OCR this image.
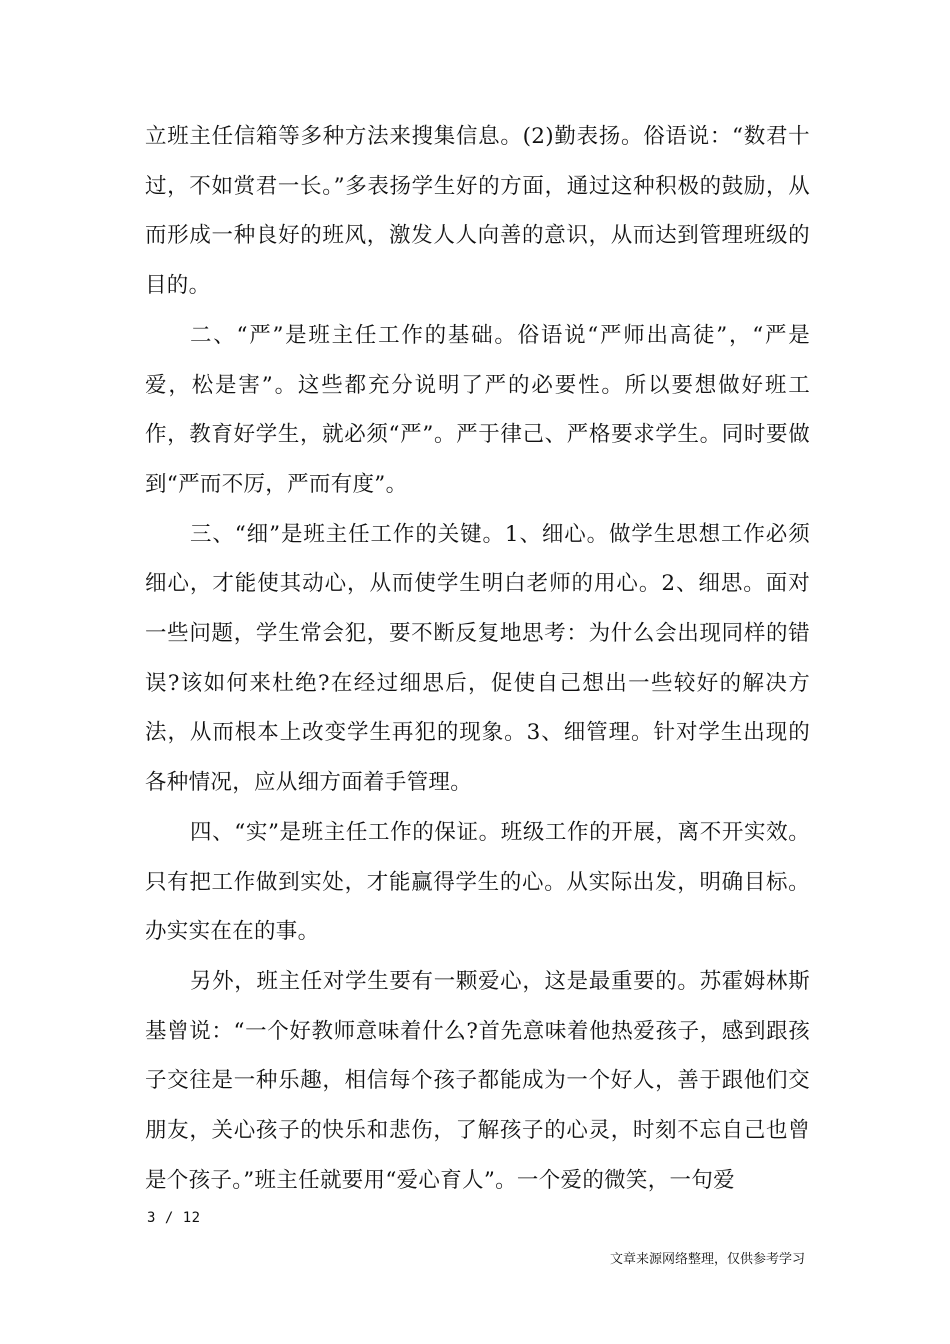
立班主任信箱等多种方法来搜集信息。(2)勤表扬。俗语说：“数君十过，不如赏君一长。”多表扬学生好的方面，通过这种积极的鼓励，从而形成一种良好的班风，激发人人向善的意识，从而达到管理班级的目的。

二、“严”是班主任工作的基础。俗语说“严师出高徒”，“严是爱，松是害”。这些都充分说明了严的必要性。所以要想做好班工作，教育好学生，就必须“严”。严于律己、严格要求学生。同时要做到“严而不厉，严而有度”。

三、“细”是班主任工作的关键。1、细心。做学生思想工作必须细心，才能使其动心，从而使学生明白老师的用心。2、细思。面对一些问题，学生常会犯，要不断反复地思考：为什么会出现同样的错误?该如何来杜绝?在经过细思后，促使自己想出一些较好的解决方法，从而根本上改变学生再犯的现象。3、细管理。针对学生出现的各种情况，应从细方面着手管理。

四、“实”是班主任工作的保证。班级工作的开展，离不开实效。只有把工作做到实处，才能赢得学生的心。从实际出发，明确目标。办实实在在的事。

另外，班主任对学生要有一颗爱心，这是最重要的。苏霍姆林斯基曾说：“一个好教师意味着什么?首先意味着他热爱孩子，感到跟孩子交往是一种乐趣，相信每个孩子都能成为一个好人，善于跟他们交朋友，关心孩子的快乐和悲伤，了解孩子的心灵，时刻不忘自己也曾是个孩子。”班主任就要用“爱心育人”。一个爱的微笑，一句爱

3 / 12
文章来源网络整理，仅供参考学习
